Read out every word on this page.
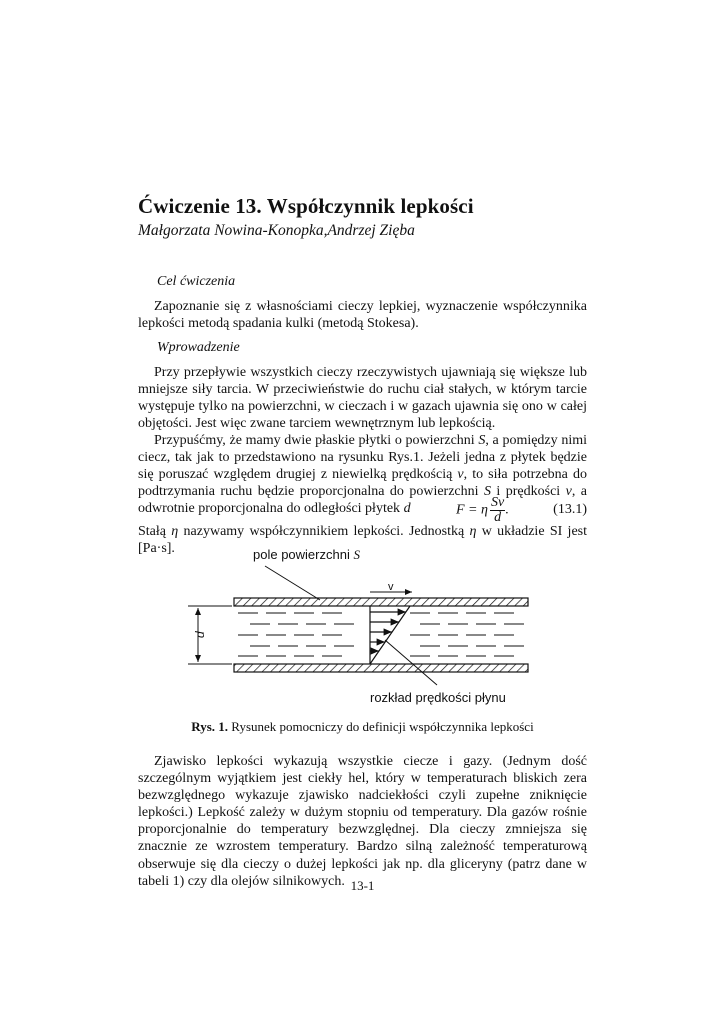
Ćwiczenie 13. Współczynnik lepkości
Małgorzata Nowina-Konopka,Andrzej Zięba
Cel ćwiczenia

Zapoznanie się z własnościami cieczy lepkiej, wyznaczenie współczynnika lepkości metodą spadania kulki (metodą Stokesa).

Wprowadzenie

Przy przepływie wszystkich cieczy rzeczywistych ujawniają się większe lub mniejsze siły tarcia. W przeciwieństwie do ruchu ciał stałych, w którym tarcie występuje tylko na powierzchni, w cieczach i w gazach ujawnia się ono w całej objętości. Jest więc zwane tarciem wewnętrznym lub lepkością.

Przypuśćmy, że mamy dwie płaskie płytki o powierzchni S, a pomiędzy nimi ciecz, tak jak to przedstawiono na rysunku Rys.1. Jeżeli jedna z płytek będzie się poruszać względem drugiej z niewielką prędkością v, to siła potrzebna do podtrzymania ruchu będzie proporcjonalna do powierzchni S i prędkości v, a odwrotnie proporcjonalna do odległości płytek d	F = η $\frac{Sv}{d}$ .	(13.1)

Stałą η nazywamy współczynnikiem lepkości. Jednostką η w układzie SI jest [Pa·s].	pole powierzchni S
v
d
rozkład prędkości płynu
Rys. 1. Rysunek pomocniczy do definicji współczynnika lepkości

Zjawisko lepkości wykazują wszystkie ciecze i gazy. (Jednym dość szczególnym wyjątkiem jest ciekły hel, który w temperaturach bliskich zera bezwzględnego wykazuje zjawisko nadciekłości czyli zupełne zniknięcie lepkości.) Lepkość zależy w dużym stopniu od temperatury. Dla gazów rośnie proporcjonalnie do temperatury bezwzględnej. Dla cieczy zmniejsza się znacznie ze wzrostem temperatury. Bardzo silną zależność temperaturową obserwuje się dla cieczy o dużej lepkości jak np. dla gliceryny (patrz dane w tabeli 1) czy dla olejów silnikowych. 13-1
